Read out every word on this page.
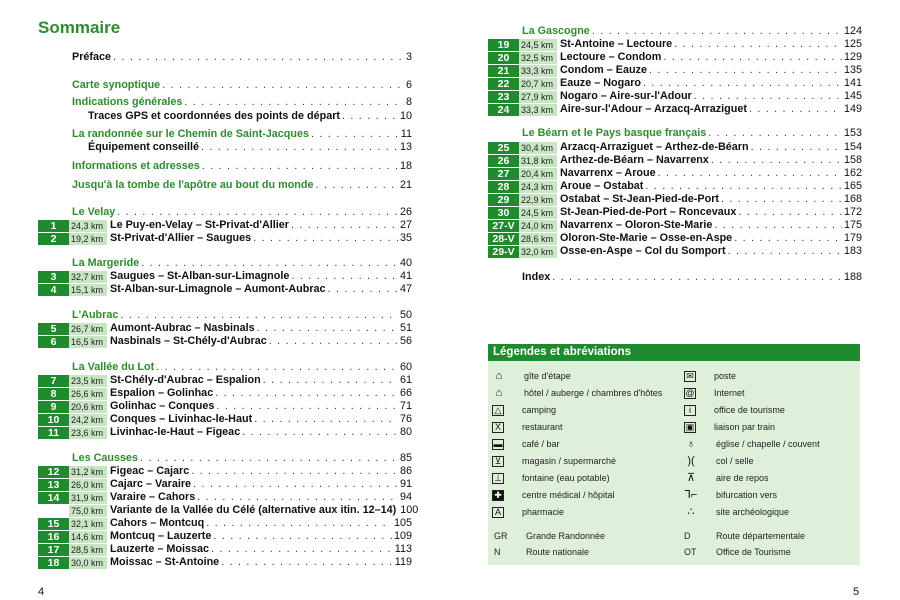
Sommaire
Préface . . .	3
Carte synoptique . . .	6
Indications générales . . .	8
Traces GPS et coordonnées des points de départ . . .	10
La randonnée sur le Chemin de Saint-Jacques . . .	11
Équipement conseillé . . .	13
Informations et adresses . . .	18
Jusqu'à la tombe de l'apôtre au bout du monde . . .	21
Le Velay . . .	26
1	24,3 km Le Puy-en-Velay – St-Privat-d'Allier . . .	27
2	19,2 km St-Privat-d'Allier – Saugues . . .	35
La Margeride . . .	40
3	32,7 km Saugues – St-Alban-sur-Limagnole . . .	41
4	15,1 km St-Alban-sur-Limagnole – Aumont-Aubrac . . .	47
L'Aubrac . . .	50
5	26,7 km Aumont-Aubrac – Nasbinals . . .	51
6	16,5 km Nasbinals – St-Chély-d'Aubrac . . .	56
La Vallée du Lot . . .	60
7	23,5 km St-Chély-d'Aubrac – Espalion . . .	61
8	26,6 km Espalion – Golinhac . . .	66
9	20,6 km Golinhac – Conques . . .	71
10	24,2 km Conques – Livinhac-le-Haut . . .	76
11	23,6 km Livinhac-le-Haut – Figeac . . .	80
Les Causses . . .	85
12	31,2 km Figeac – Cajarc . . .	86
13	26,0 km Cajarc – Varaire . . .	91
14	31,9 km Varaire – Cahors . . .	94
75,0 km Variante de la Vallée du Célé (alternative aux itin. 12–14) 100
15	32,1 km Cahors – Montcuq . . .	105
16	14,6 km Montcuq – Lauzerte . . .	109
17	28,5 km Lauzerte – Moissac . . .	113
18	30,0 km Moissac – St-Antoine . . .	119
4
La Gascogne . . .	124
19	24,5 km St-Antoine – Lectoure . . .	125
20	32,5 km Lectoure – Condom . . .	129
21	33,3 km Condom – Eauze . . .	135
22	20,7 km Eauze – Nogaro . . .	141
23	27,9 km Nogaro – Aire-sur-l'Adour . . .	145
24	33,3 km Aire-sur-l'Adour – Arzacq-Arraziguet . . .	149
Le Béarn et le Pays basque français . . .	153
25	30,4 km Arzacq-Arraziguet – Arthez-de-Béarn . . .	154
26	31,8 km Arthez-de-Béarn – Navarrenx . . .	158
27	20,4 km Navarrenx – Aroue . . .	162
28	24,3 km Aroue – Ostabat . . .	165
29	22,9 km Ostabat – St-Jean-Pied-de-Port . . .	168
30	24,5 km St-Jean-Pied-de-Port – Roncevaux . . .	172
27-V 24,0 km Navarrenx – Oloron-Ste-Marie . . .	175
28-V 28,6 km Oloron-Ste-Marie – Osse-en-Aspe . . .	179
29-V 32,0 km Osse-en-Aspe – Col du Somport . . .	183
Index . . .	188
Légendes et abréviations
⌂	gîte d'étape
⌂	hôtel / auberge / chambres d'hôtes
△ camping
X	restaurant
▬ café / bar
⊻	magasin / supermarché
⊥ fontaine (eau potable)
✚ centre médical / hôpital
A	pharmacie
✉ poste
@ Internet
i	office de tourisme
▣ liaison par train
♁	église / chapelle / couvent
)(	col / selle
⊼	aire de repos
⅂⌐ bifurcation vers
∴	site archéologique
GR	Grande Randonnée	D	Route départementale
N	Route nationale	OT	Office de Tourisme
5
